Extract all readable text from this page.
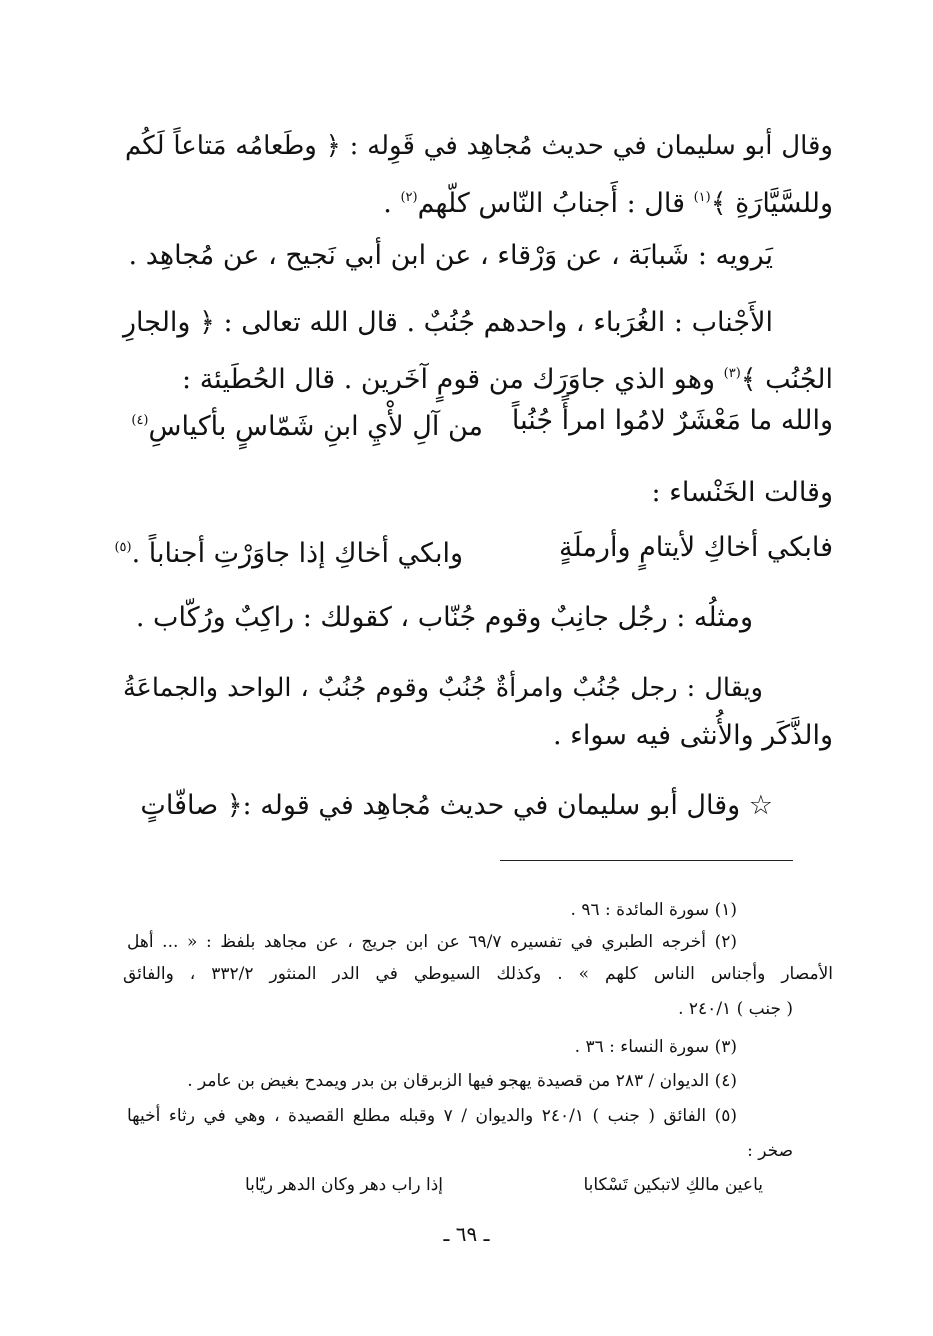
وقال أبو سليمان في حديث مُجاهِد في قَوِله : ﴿ وطَعامُه مَتاعاً لَكُم
وللسَّيَّارَةِ ﴾$^{(١)}$ قال : أَجنابُ النّاس كلّهم$^{(٢)}$ .
يَرويه : شَبابَة ، عن وَرْقاء ، عن ابن أبي نَجيح ، عن مُجاهِد .
الأَجْناب : الغُرَباء ، واحدهم جُنُبٌ . قال الله تعالى : ﴿ والجارِ
الجُنُب ﴾$^{(٣)}$ وهو الذي جاوَرَك من قومٍ آخَرين . قال الحُطَيئة :
والله ما مَعْشَرٌ لامُوا امرأً جُنُباً
من آلِ لأْيِ ابنِ شَمّاسٍ بأكياسِ$^{(٤)}$
وقالت الخَنْساء :
فابكي أخاكِ لأيتامٍ وأرملَةٍ
وابكي أخاكِ إذا جاوَرْتِ أجناباً .$^{(٥)}$
ومثلُه : رجُل جانِبٌ وقوم جُنّاب ، كقولك : راكِبٌ ورُكّاب .
ويقال : رجل جُنُبٌ وامرأةٌ جُنُبٌ وقوم جُنُبٌ ، الواحد والجماعَةُ
والذَّكَر والأُنثى فيه سواء .
☆ وقال أبو سليمان في حديث مُجاهِد في قوله :﴿ صافّاتٍ
(١) سورة المائدة : ٩٦ .
(٢) أخرجه الطبري في تفسيره ٦٩/٧ عن ابن جريج ، عن مجاهد بلفظ : « ... أهل
الأمصار وأجناس الناس كلهم » . وكذلك السيوطي في الدر المنثور ٣٣٢/٢ ، والفائق
( جنب ) ٢٤٠/١ .
(٣) سورة النساء : ٣٦ .
(٤) الديوان / ٢٨٣ من قصيدة يهجو فيها الزبرقان بن بدر ويمدح بغيض بن عامر .
(٥) الفائق ( جنب ) ٢٤٠/١ والديوان / ٧ وقبله مطلع القصيدة ، وهي في رثاء أخيها
صخر :
ياعين مالكِ لاتبكين تَسْكابا
إذا راب دهر وكان الدهر ريّابا
ـ ٦٩ ـ
